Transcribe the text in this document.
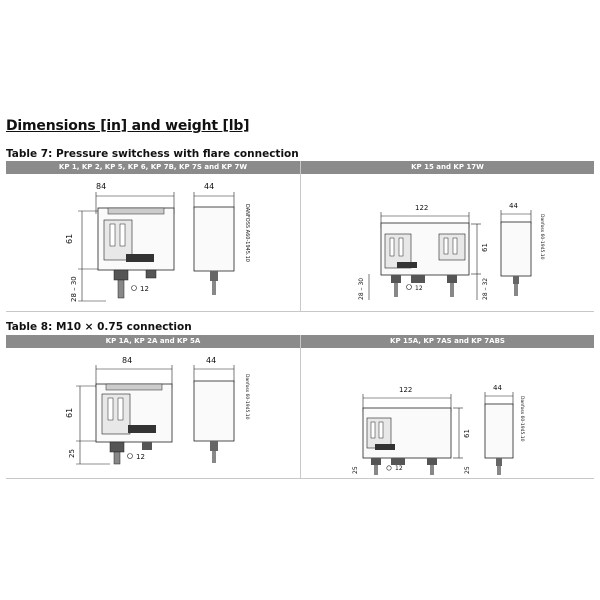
Dimensions [in] and weight [lb]
Table 7: Pressure switchess with flare connection
KP 1, KP 2, KP 5, KP 6, KP 7B, KP 7S and KP 7W	KP 15 and KP 17W
84
61
28 – 30	12
44
DANFOSS A60-1945.10	122
61
28 – 30	28 – 32
12
44
Danfoss 60-1945.10
Table 8: M10 × 0.75 connection
KP 1A, KP 2A and KP 5A	KP 15A, KP 7AS and KP 7ABS
84
61
25	12
44
Danfoss 60-1945.10	122
61
25	25
12
44
Danfoss 60-1945.10
